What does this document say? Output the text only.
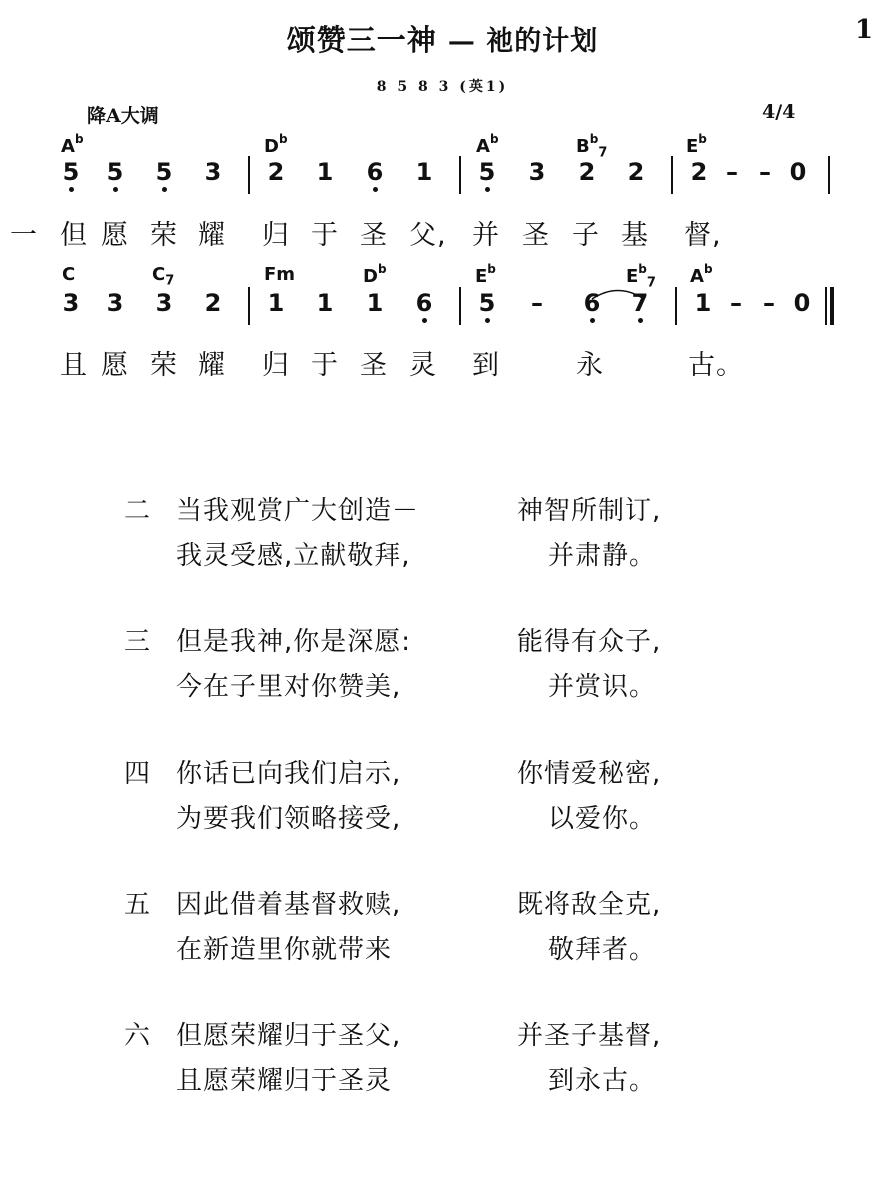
颂赞三一神 — 祂的计划	1
8 5 8 3 (英1)
降A大调	4/4
$A^b$	$D^b$	$A^b$	$B^b_7$	$E^b$
5 5 5 3 2 1 6 1 5 3 2 2 2 – – 0
一 但 愿 荣 耀 归 于 圣 父, 并 圣 子 基 督,
C	$C_7$	Fm	$D^b$	$E^b$	$E^b_7$ $A^b$
3 3 3 2 1 1 1 6 5 – 6 7 1 – – 0
且 愿 荣 耀 归 于 圣 灵 到	永	古。
二 当我观赏广大创造－	神智所制订,
我灵受感,立献敬拜,	并肃静。
三 但是我神,你是深愿:	能得有众子,
今在子里对你赞美,	并赏识。
四 你话已向我们启示,	你情爱秘密,
为要我们领略接受,	以爱你。
五 因此借着基督救赎,	既将敌全克,
在新造里你就带来	敬拜者。
六 但愿荣耀归于圣父,	并圣子基督,
且愿荣耀归于圣灵	到永古。
